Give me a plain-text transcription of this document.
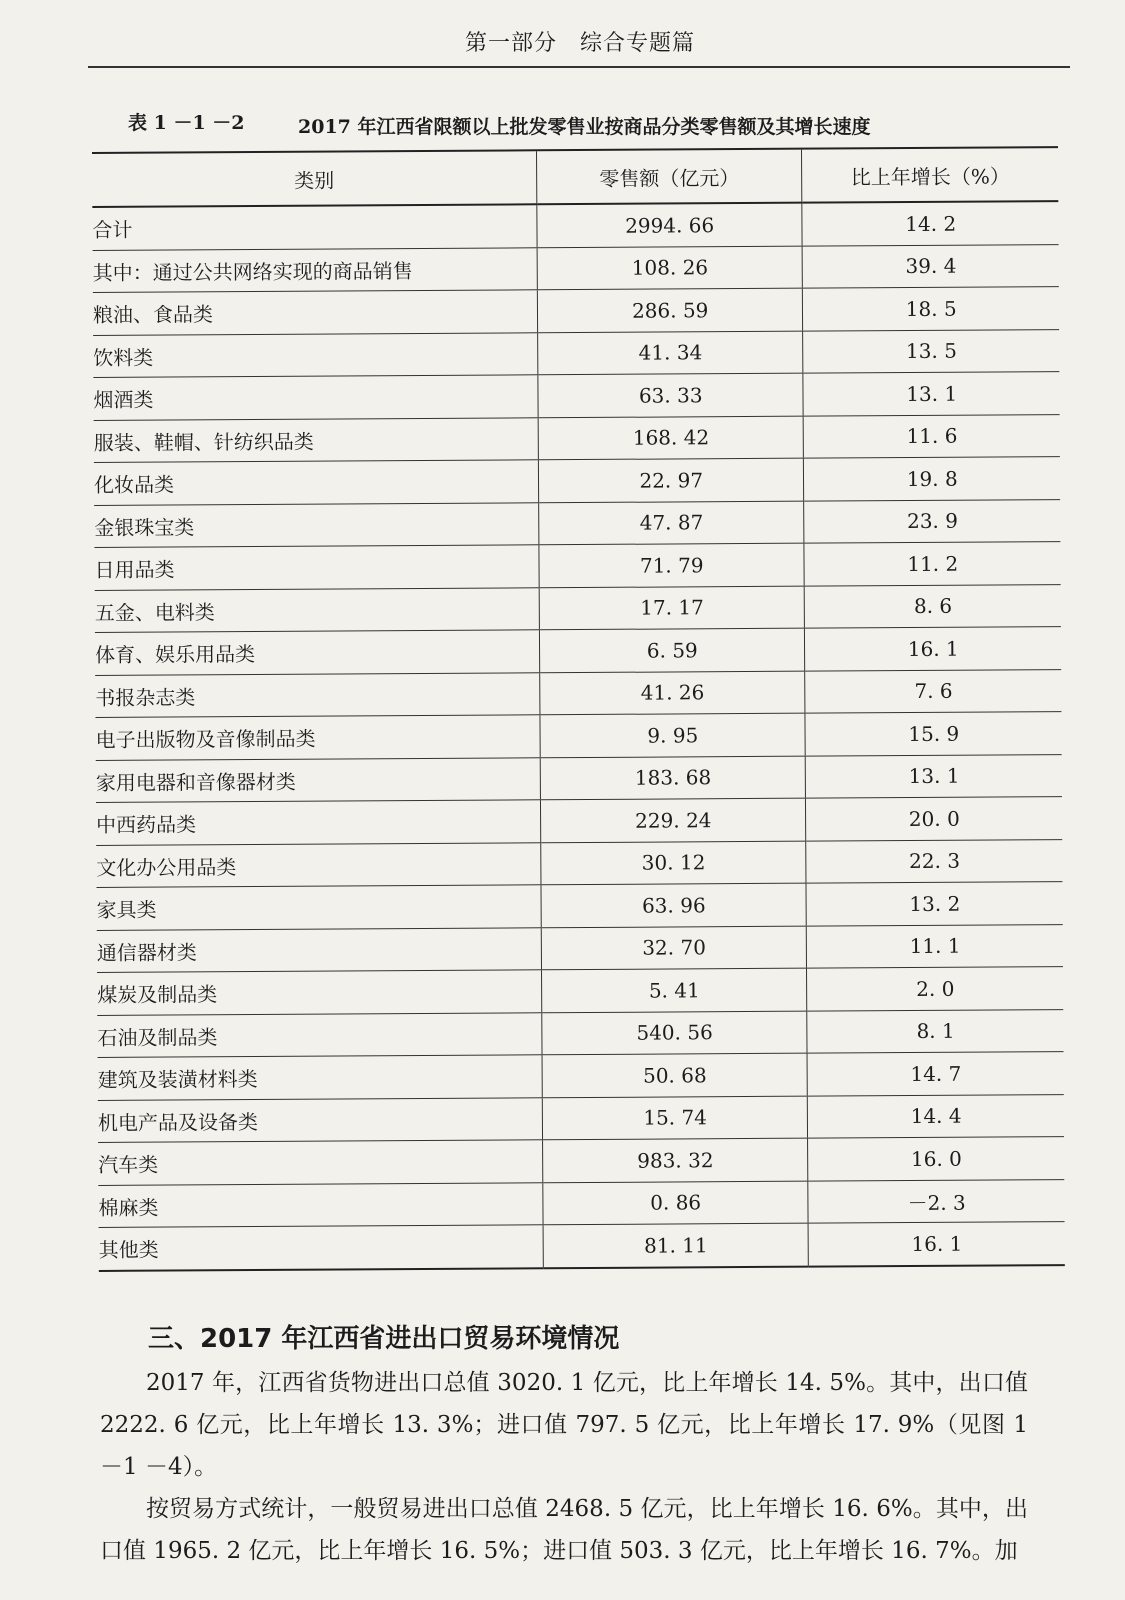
第一部分　综合专题篇
表 1 －1 －2	2017 年江西省限额以上批发零售业按商品分类零售额及其增长速度
类别	零售额（亿元）	比上年增长（%）
合计	2994. 66	14. 2
其中：通过公共网络实现的商品销售	108. 26	39. 4
粮油、食品类	286. 59	18. 5
饮料类	41. 34	13. 5
烟酒类	63. 33	13. 1
服装、鞋帽、针纺织品类	168. 42	11. 6
化妆品类	22. 97	19. 8
金银珠宝类	47. 87	23. 9
日用品类	71. 79	11. 2
五金、电料类	17. 17	8. 6
体育、娱乐用品类	6. 59	16. 1
书报杂志类	41. 26	7. 6
电子出版物及音像制品类	9. 95	15. 9
家用电器和音像器材类	183. 68	13. 1
中西药品类	229. 24	20. 0
文化办公用品类	30. 12	22. 3
家具类	63. 96	13. 2
通信器材类	32. 70	11. 1
煤炭及制品类	5. 41	2. 0
石油及制品类	540. 56	8. 1
建筑及装潢材料类	50. 68	14. 7
机电产品及设备类	15. 74	14. 4
汽车类	983. 32	16. 0
棉麻类	0. 86	－2. 3
其他类	81. 11	16. 1
三、2017 年江西省进出口贸易环境情况

2017 年，江西省货物进出口总值 3020. 1 亿元，比上年增长 14. 5%。其中，出口值 2222. 6 亿元，比上年增长 13. 3%；进口值 797. 5 亿元，比上年增长 17. 9%（见图 1 －1 －4）。

按贸易方式统计，一般贸易进出口总值 2468. 5 亿元，比上年增长 16. 6%。其中，出口值 1965. 2 亿元，比上年增长 16. 5%；进口值 503. 3 亿元，比上年增长 16. 7%。加
